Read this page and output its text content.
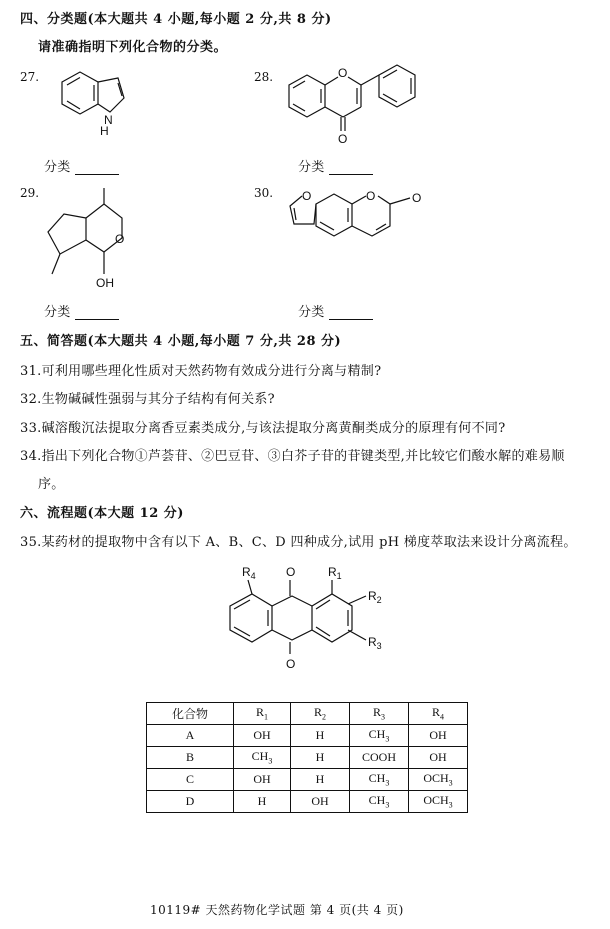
四、分类题(本大题共 4 小题,每小题 2 分,共 8 分)
请准确指明下列化合物的分类。
27.	28.
N
H
O
O
分类	分类
29.	30.
O
OH
O	O	O
分类	分类
五、简答题(本大题共 4 小题,每小题 7 分,共 28 分)
31.可利用哪些理化性质对天然药物有效成分进行分离与精制?
32.生物碱碱性强弱与其分子结构有何关系?
33.碱溶酸沉法提取分离香豆素类成分,与该法提取分离黄酮类成分的原理有何不同?
34.指出下列化合物①芦荟苷、②巴豆苷、③白芥子苷的苷键类型,并比较它们酸水解的难易顺
序。
六、流程题(本大题 12 分)
35.某药材的提取物中含有以下 A、B、C、D 四种成分,试用 pH 梯度萃取法来设计分离流程。
$R_4$	O	$R_1$
$R_2$
$R_3$
O
化合物	$R_1$	$R_2$	$R_3$	$R_4$
A	OH	H	$CH_3$	OH
B	$CH_3$	H	COOH	OH
C	OH	H	$CH_3$	$OCH_3$
D	H	OH	$CH_3$	$OCH_3$
10119# 天然药物化学试题 第 4 页(共 4 页)
